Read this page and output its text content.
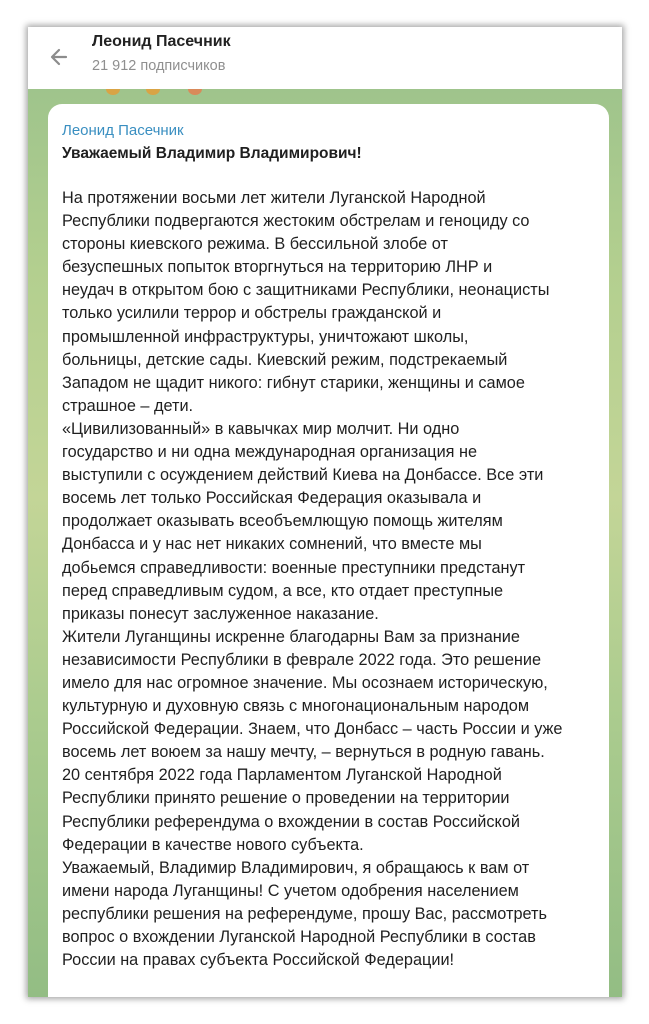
Леонид Пасечник
21 912 подписчиков
Леонид Пасечник
Уважаемый Владимир Владимирович!
На протяжении восьми лет жители Луганской Народной
Республики подвергаются жестоким обстрелам и геноциду со
стороны киевского режима. В бессильной злобе от
безуспешных попыток вторгнуться на территорию ЛНР и
неудач в открытом бою с защитниками Республики, неонацисты
только усилили террор и обстрелы гражданской и
промышленной инфраструктуры, уничтожают школы,
больницы, детские сады. Киевский режим, подстрекаемый
Западом не щадит никого: гибнут старики, женщины и самое
страшное – дети.
«Цивилизованный» в кавычках мир молчит. Ни одно
государство и ни одна международная организация не
выступили с осуждением действий Киева на Донбассе. Все эти
восемь лет только Российская Федерация оказывала и
продолжает оказывать всеобъемлющую помощь жителям
Донбасса и у нас нет никаких сомнений, что вместе мы
добьемся справедливости: военные преступники предстанут
перед справедливым судом, а все, кто отдает преступные
приказы понесут заслуженное наказание.
Жители Луганщины искренне благодарны Вам за признание
независимости Республики в феврале 2022 года. Это решение
имело для нас огромное значение. Мы осознаем историческую,
культурную и духовную связь с многонациональным народом
Российской Федерации. Знаем, что Донбасс – часть России и уже
восемь лет воюем за нашу мечту, – вернуться в родную гавань.
20 сентября 2022 года Парламентом Луганской Народной
Республики принято решение о проведении на территории
Республики референдума о вхождении в состав Российской
Федерации в качестве нового субъекта.
Уважаемый, Владимир Владимирович, я обращаюсь к вам от
имени народа Луганщины! С учетом одобрения населением
республики решения на референдуме, прошу Вас, рассмотреть
вопрос о вхождении Луганской Народной Республики в состав
России на правах субъекта Российской Федерации!
